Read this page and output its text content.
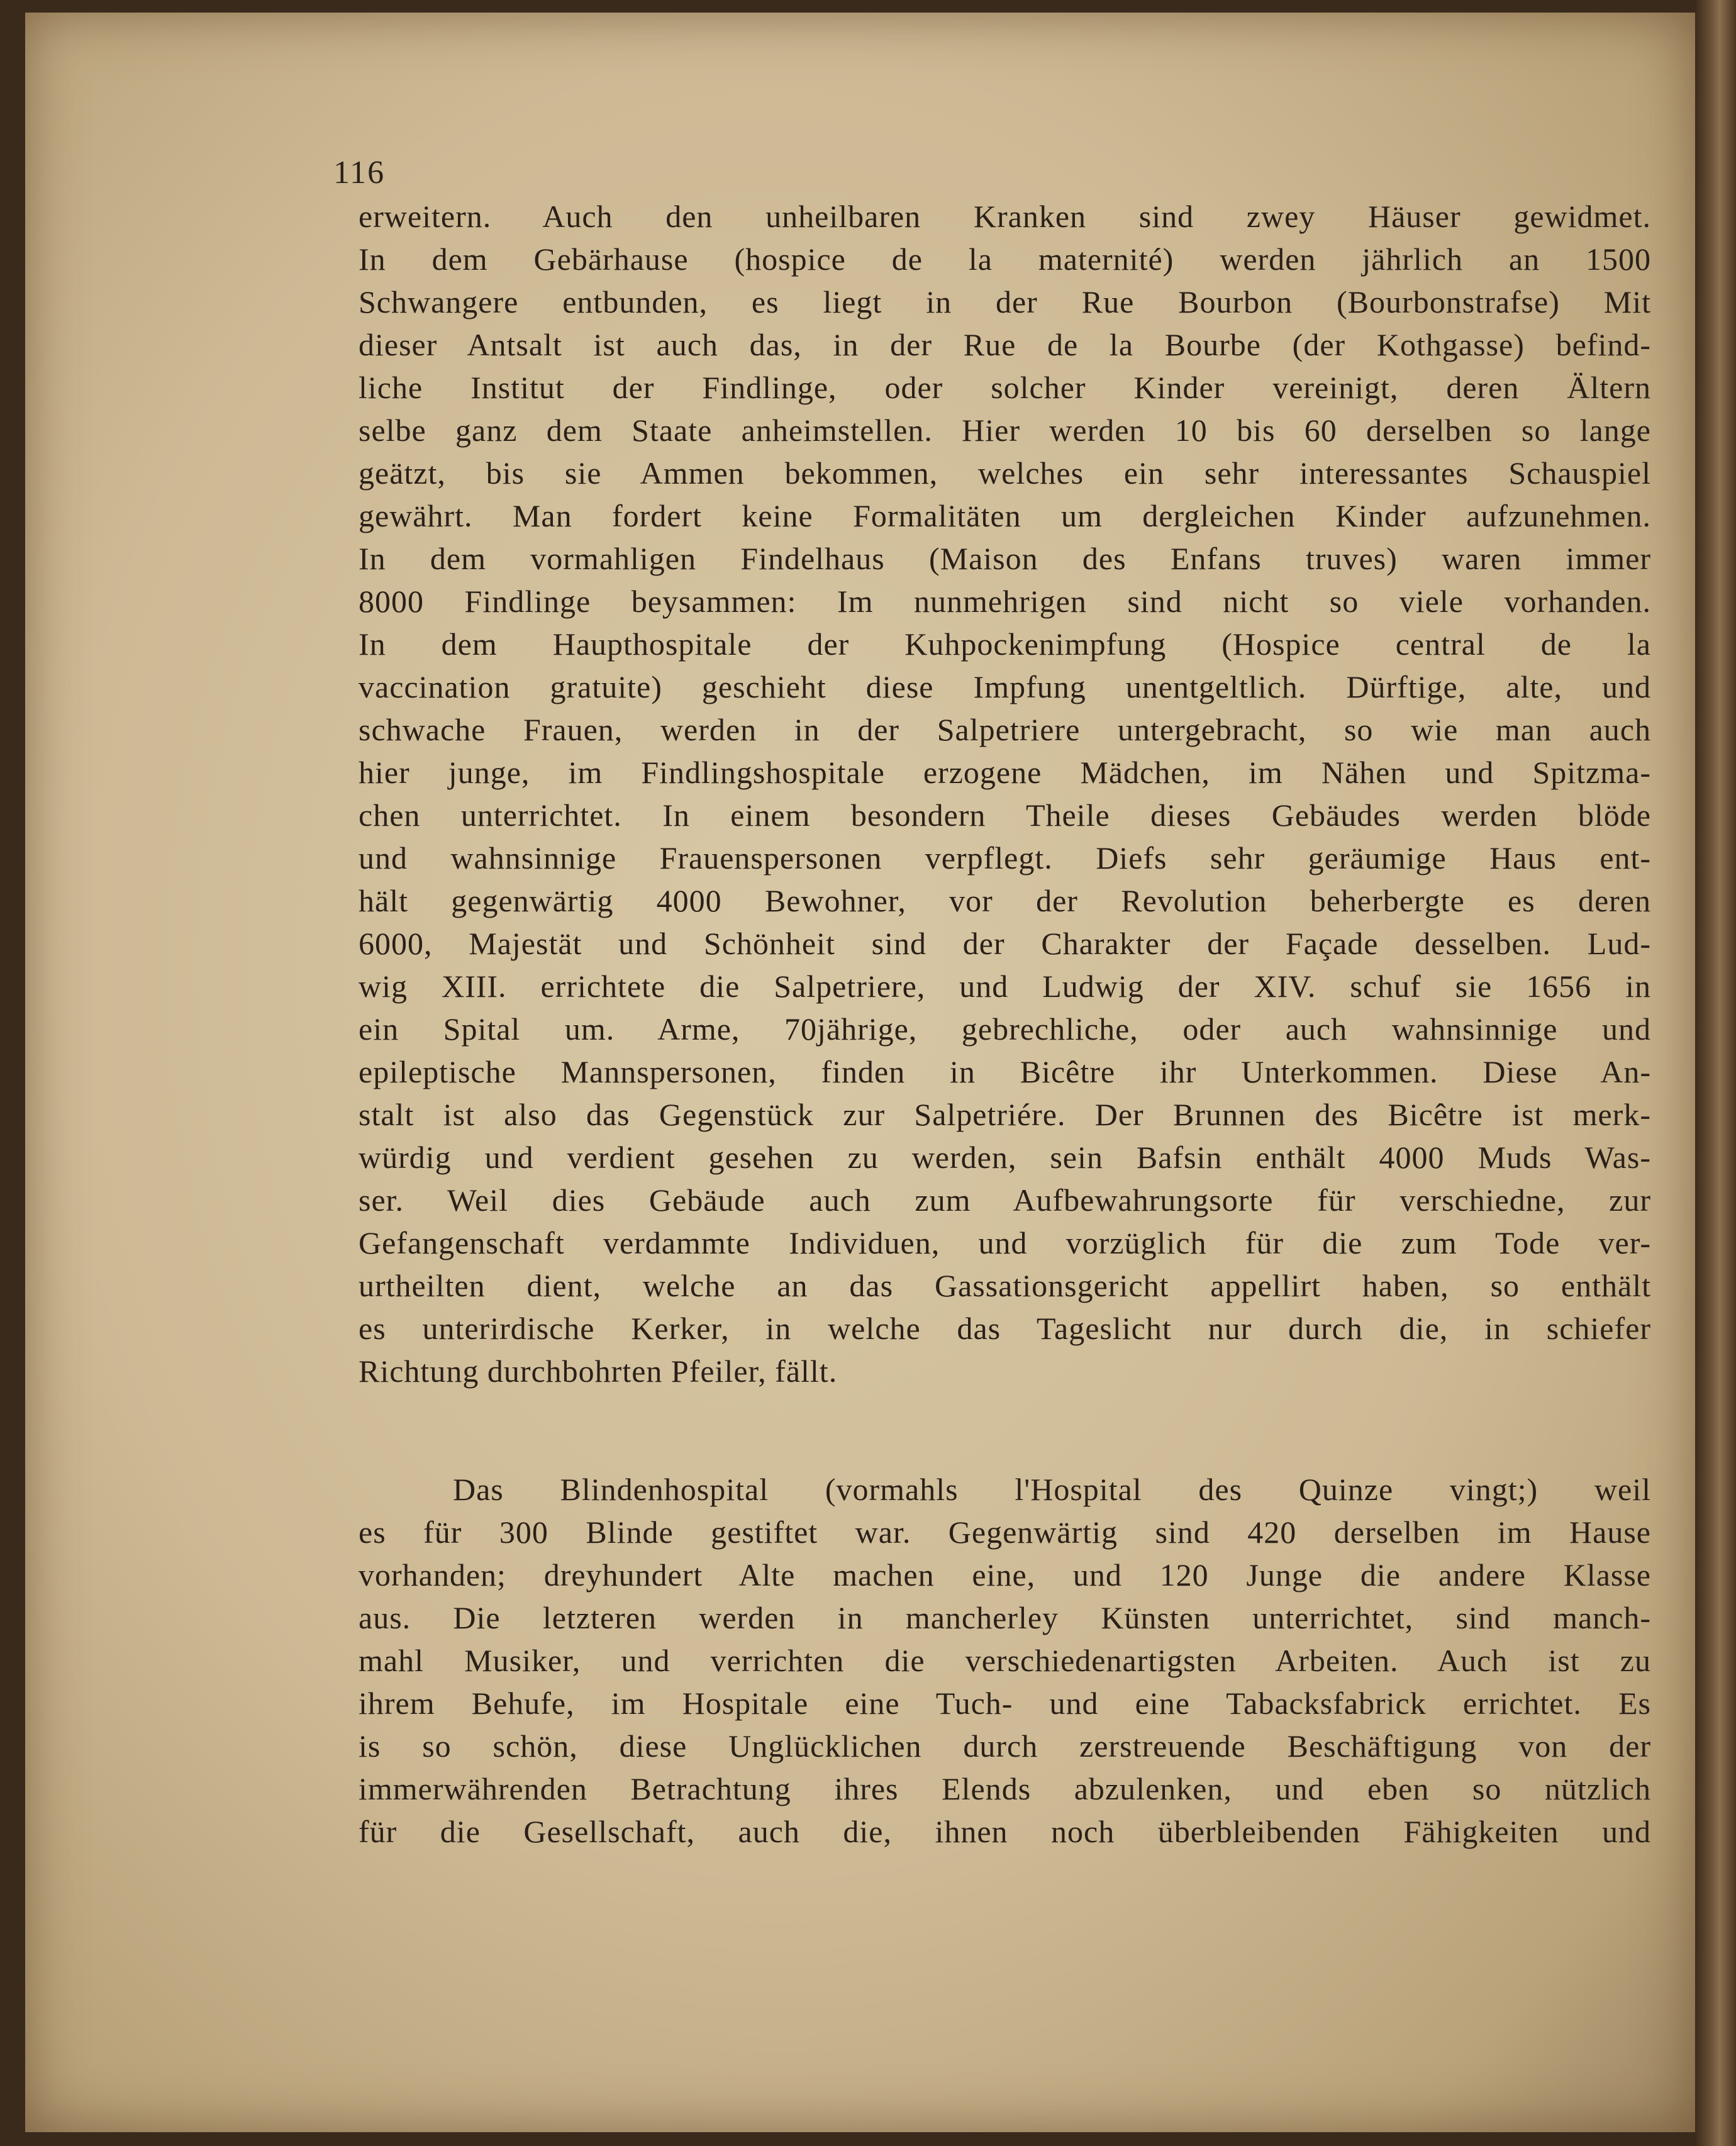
116

erweitern. Auch den unheilbaren Kranken sind zwey Häuser gewidmet.

In dem Gebärhause (hospice de la maternité) werden jährlich an 1500

Schwangere entbunden, es liegt in der Rue Bourbon (Bourbonstrafse) Mit

dieser Antsalt ist auch das, in der Rue de la Bourbe (der Kothgasse) befind-

liche Institut der Findlinge, oder solcher Kinder vereinigt, deren Ältern

selbe ganz dem Staate anheimstellen. Hier werden 10 bis 60 derselben so lange

geätzt, bis sie Ammen bekommen, welches ein sehr interessantes Schauspiel

gewährt. Man fordert keine Formalitäten um dergleichen Kinder aufzunehmen.

In dem vormahligen Findelhaus (Maison des Enfans truves) waren immer

8000 Findlinge beysammen: Im nunmehrigen sind nicht so viele vorhanden.

In dem Haupthospitale der Kuhpockenimpfung (Hospice central de la

vaccination gratuite) geschieht diese Impfung unentgeltlich. Dürftige, alte, und

schwache Frauen, werden in der Salpetriere untergebracht, so wie man auch

hier junge, im Findlingshospitale erzogene Mädchen, im Nähen und Spitzma-

chen unterrichtet. In einem besondern Theile dieses Gebäudes werden blöde

und wahnsinnige Frauenspersonen verpflegt. Diefs sehr geräumige Haus ent-

hält gegenwärtig 4000 Bewohner, vor der Revolution beherbergte es deren

6000, Majestät und Schönheit sind der Charakter der Façade desselben. Lud-

wig XIII. errichtete die Salpetriere, und Ludwig der XIV. schuf sie 1656 in

ein Spital um. Arme, 70jährige, gebrechliche, oder auch wahnsinnige und

epileptische Mannspersonen, finden in Bicêtre ihr Unterkommen. Diese An-

stalt ist also das Gegenstück zur Salpetriére. Der Brunnen des Bicêtre ist merk-

würdig und verdient gesehen zu werden, sein Bafsin enthält 4000 Muds Was-

ser. Weil dies Gebäude auch zum Aufbewahrungsorte für verschiedne, zur

Gefangenschaft verdammte Individuen, und vorzüglich für die zum Tode ver-

urtheilten dient, welche an das Gassationsgericht appellirt haben, so enthält

es unterirdische Kerker, in welche das Tageslicht nur durch die, in schiefer

Richtung durchbohrten Pfeiler, fällt.

Das Blindenhospital (vormahls l'Hospital des Quinze vingt;) weil

es für 300 Blinde gestiftet war. Gegenwärtig sind 420 derselben im Hause

vorhanden; dreyhundert Alte machen eine, und 120 Junge die andere Klasse

aus. Die letzteren werden in mancherley Künsten unterrichtet, sind manch-

mahl Musiker, und verrichten die verschiedenartigsten Arbeiten. Auch ist zu

ihrem Behufe, im Hospitale eine Tuch- und eine Tabacksfabrick errichtet. Es

is so schön, diese Unglücklichen durch zerstreuende Beschäftigung von der

immerwährenden Betrachtung ihres Elends abzulenken, und eben so nützlich

für die Gesellschaft, auch die, ihnen noch überbleibenden Fähigkeiten und
